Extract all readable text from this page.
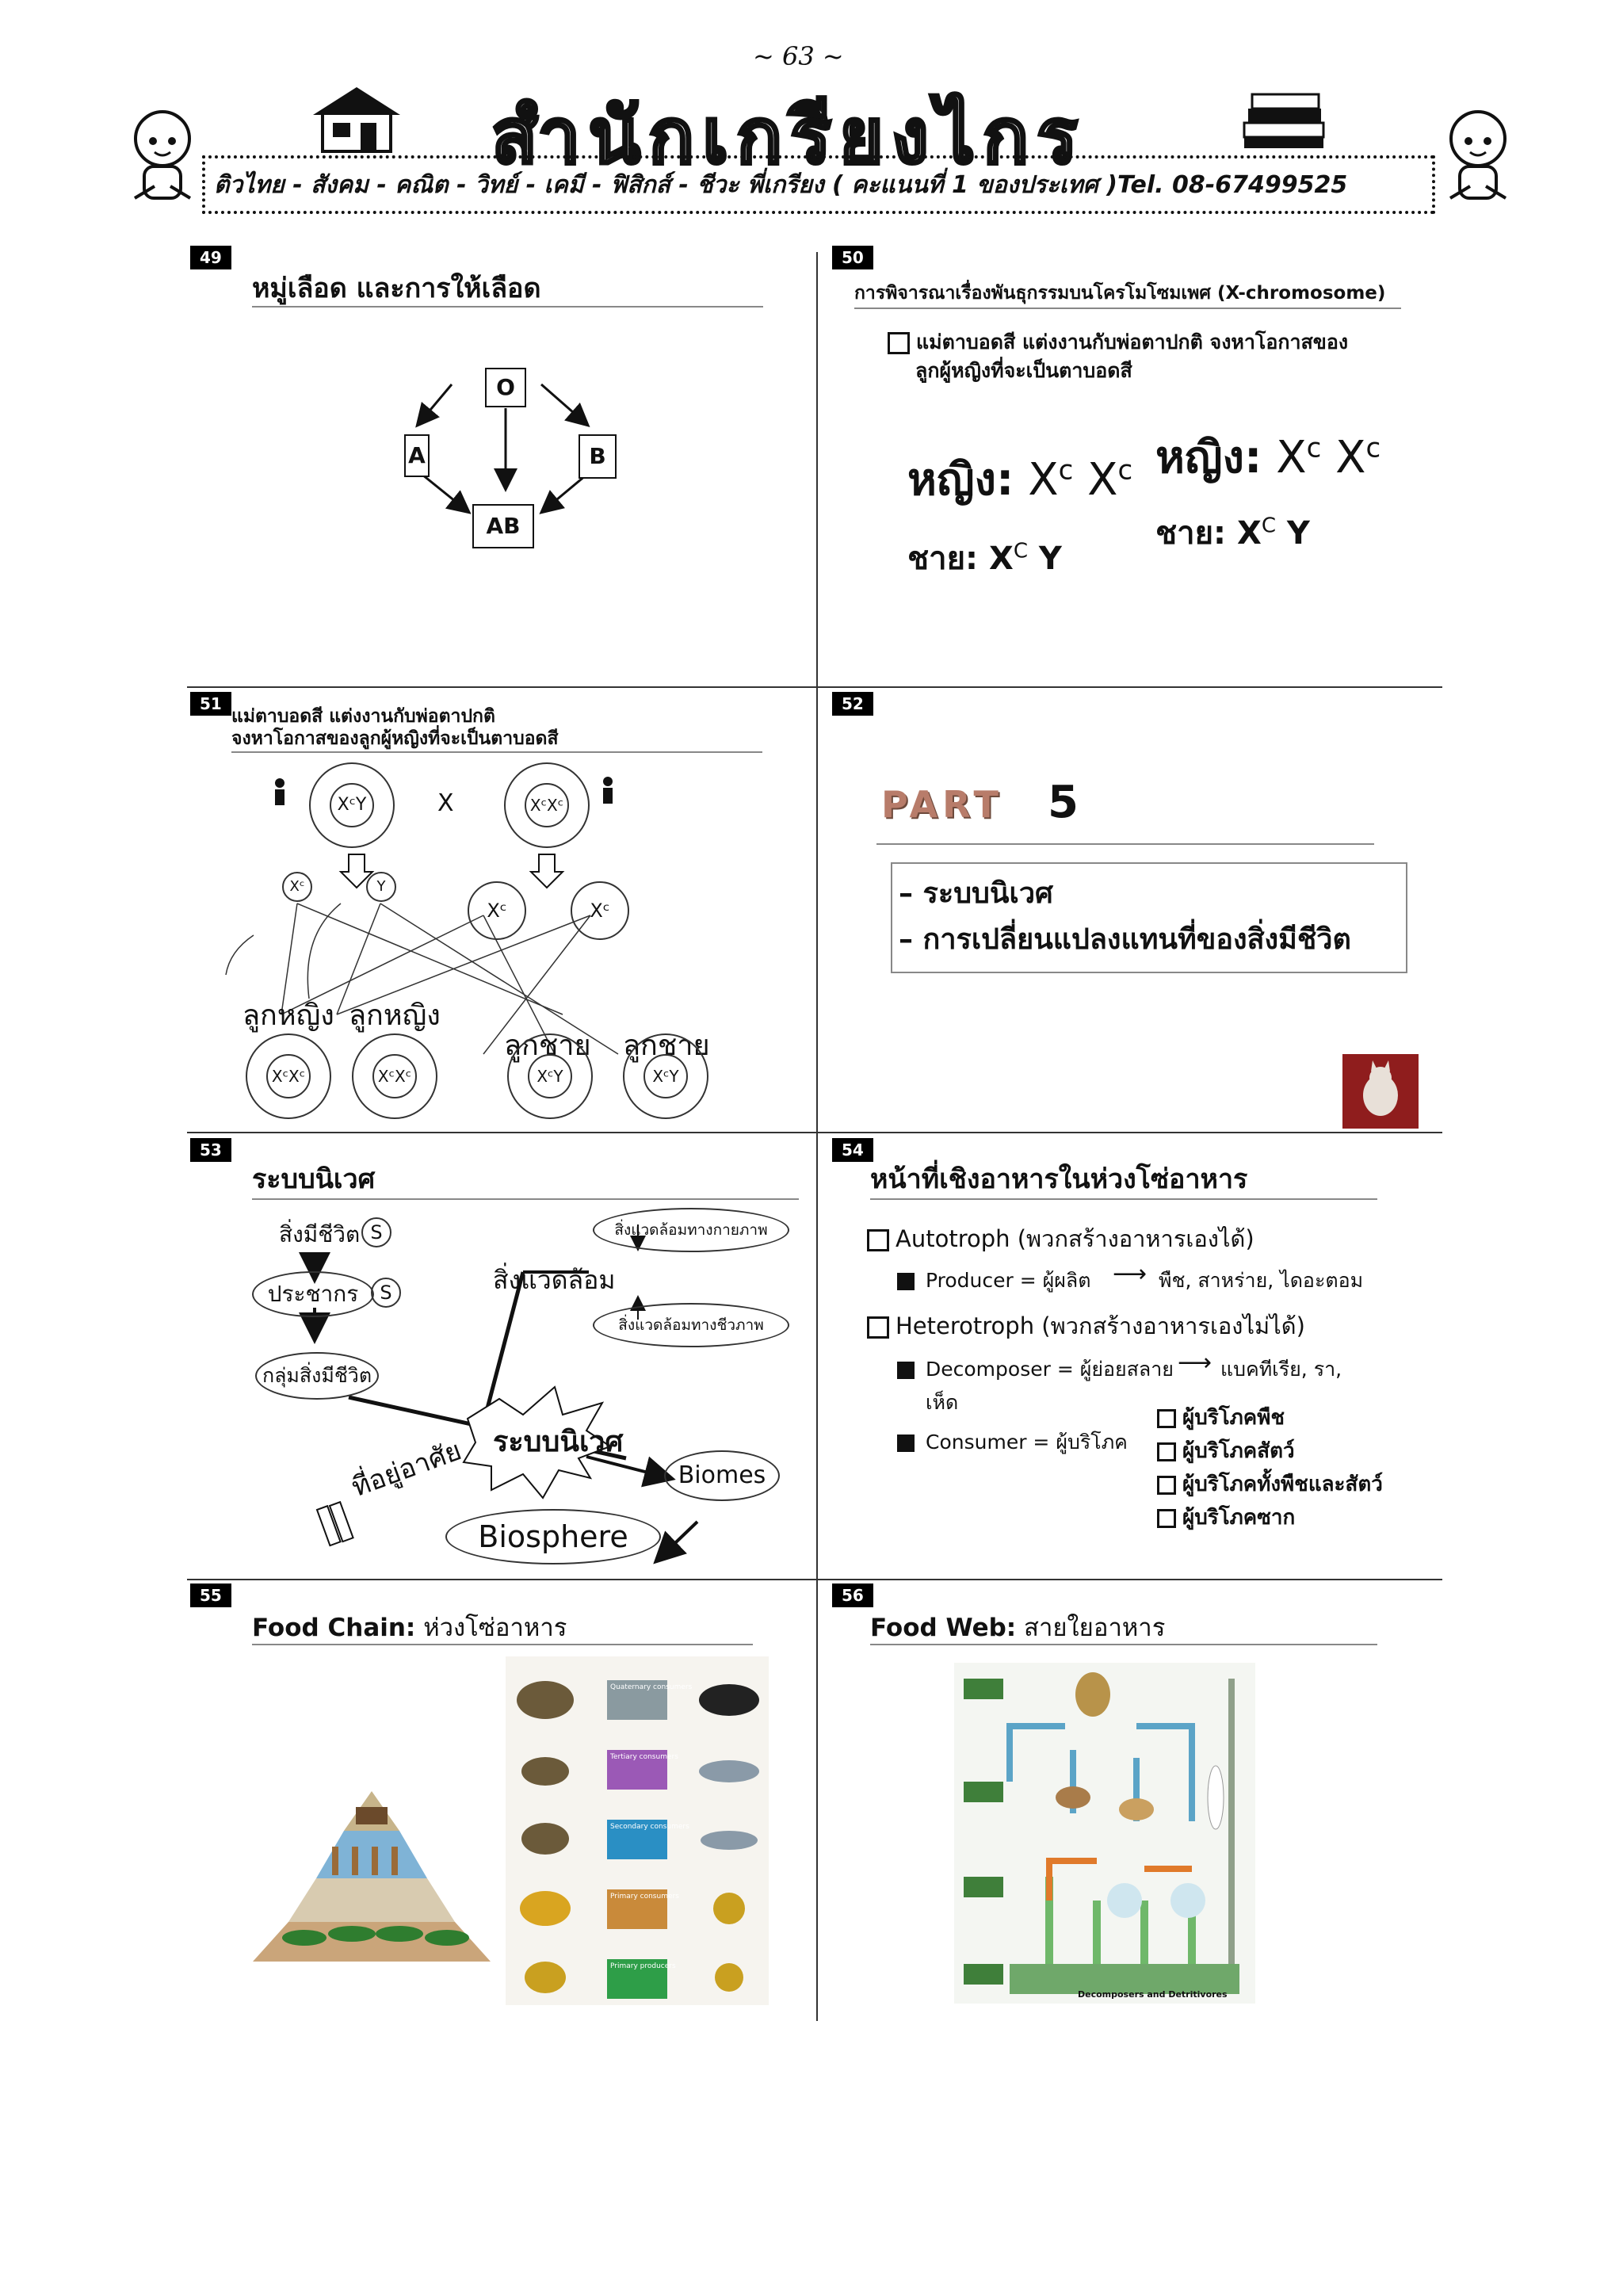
~ 63 ~
สำนักเกรียงไกร
ติวไทย - สังคม - คณิต - วิทย์ - เคมี - ฟิสิกส์ - ชีวะ พี่เกรียง ( คะแนนที่ 1 ของประเทศ )Tel. 08-67499525
49
หมู่เลือด และการให้เลือด
O
A	B
AB
50
การพิจารณาเรื่องพันธุกรรมบนโครโมโซมเพศ (X-chromosome)
แม่ตาบอดสี แต่งงานกับพ่อตาปกติ จงหาโอกาสของ
ลูกผู้หญิงที่จะเป็นตาบอดสี
หญิง: $X^c$ $X^c$ หญิง: $X^c$ $X^c$
ชาย: $X^C$ Y
ชาย: $X^C$ Y
51
แม่ตาบอดสี แต่งงานกับพ่อตาปกติ
จงหาโอกาสของลูกผู้หญิงที่จะเป็นตาบอดสี
XᶜY	X	XᶜXᶜ
Xᶜ	Y
Xᶜ	Xᶜ
ลูกหญิง ลูกหญิง
ลูกชาย ลูกชาย
XᶜXᶜ	XᶜXᶜ	XᶜY	XᶜY
52
PART 5
– ระบบนิเวศ
– การเปลี่ยนแปลงแทนที่ของสิ่งมีชีวิต
53
ระบบนิเวศ
สิ่งมีชีวิต S
ประชากร	S
กลุ่มสิ่งมีชีวิต
สิ่งแวดล้อม
สิ่งแวดล้อมทางกายภาพ
สิ่งแวดล้อมทางชีวภาพ
ระบบนิเวศ
ที่อยู่อาศัย	Biomes
Biosphere
54
หน้าที่เชิงอาหารในห่วงโซ่อาหาร
Autotroph (พวกสร้างอาหารเองได้)
Producer = ผู้ผลิต ⟶ พืช, สาหร่าย, ไดอะตอม
Heterotroph (พวกสร้างอาหารเองไม่ได้)
Decomposer = ผู้ย่อยสลาย ⟶ แบคทีเรีย, รา,
เห็ด
Consumer = ผู้บริโภค
ผู้บริโภคพืช
ผู้บริโภคสัตว์
ผู้บริโภคทั้งพืชและสัตว์
ผู้บริโภคซาก
55
Food Chain: ห่วงโซ่อาหาร
Quaternary consumers
Tertiary consumers
Secondary consumers
Primary consumers
Primary producers
56
Food Web: สายใยอาหาร
Decomposers and Detritivores
